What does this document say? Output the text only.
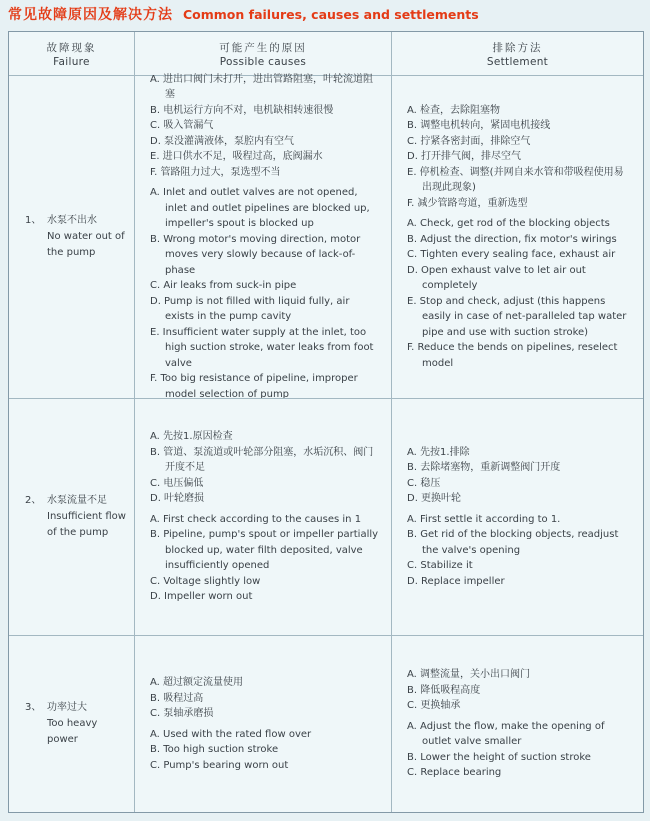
常见故障原因及解决方法 Common failures, causes and settlements
故障现象
Failure
可能产生的原因
Possible causes
排除方法
Settlement
1、 水泵不出水
No water out of the pump
A. 进出口阀门未打开，进出管路阻塞，叶轮流道阻塞
B. 电机运行方向不对，电机缺相转速很慢
C. 吸入管漏气
D. 泵没灌满液体，泵腔内有空气
E. 进口供水不足，吸程过高，底阀漏水
F. 管路阻力过大，泵选型不当
A. Inlet and outlet valves are not opened, inlet and outlet pipelines are blocked up, impeller's spout is blocked up
B. Wrong motor's moving direction, motor moves very slowly because of lack-of-phase
C. Air leaks from suck-in pipe
D. Pump is not filled with liquid fully, air exists in the pump cavity
E. Insufficient water supply at the inlet, too high suction stroke, water leaks from foot valve
F. Too big resistance of pipeline, improper model selection of pump
A. 检查，去除阻塞物
B. 调整电机转向，紧固电机接线
C. 拧紧各密封面，排除空气
D. 打开排气阀，排尽空气
E. 停机检查、调整(并网自来水管和带吸程使用易出现此现象)
F. 减少管路弯道，重新选型
A. Check, get rod of the blocking objects
B. Adjust the direction, fix motor's wirings
C. Tighten every sealing face, exhaust air
D. Open exhaust valve to let air out completely
E. Stop and check, adjust (this happens easily in case of net-paralleled tap water pipe and use with suction stroke)
F. Reduce the bends on pipelines, reselect model
2、 水泵流量不足
Insufficient flow of the pump
A. 先按1.原因检查
B. 管道、泵流道或叶轮部分阻塞，水垢沉积、阀门开度不足
C. 电压偏低
D. 叶轮磨损
A. First check according to the causes in 1
B. Pipeline, pump's spout or impeller partially blocked up, water filth deposited, valve insufficiently opened
C. Voltage slightly low
D. Impeller worn out
A. 先按1.排除
B. 去除堵塞物，重新调整阀门开度
C. 稳压
D. 更换叶轮
A. First settle it according to 1.
B. Get rid of the blocking objects, readjust the valve's opening
C. Stabilize it
D. Replace impeller
3、 功率过大
Too heavy power
A. 超过额定流量使用
B. 吸程过高
C. 泵轴承磨损
A. Used with the rated flow over
B. Too high suction stroke
C. Pump's bearing worn out
A. 调整流量，关小出口阀门
B. 降低吸程高度
C. 更换轴承
A. Adjust the flow, make the opening of outlet valve smaller
B. Lower the height of suction stroke
C. Replace bearing
